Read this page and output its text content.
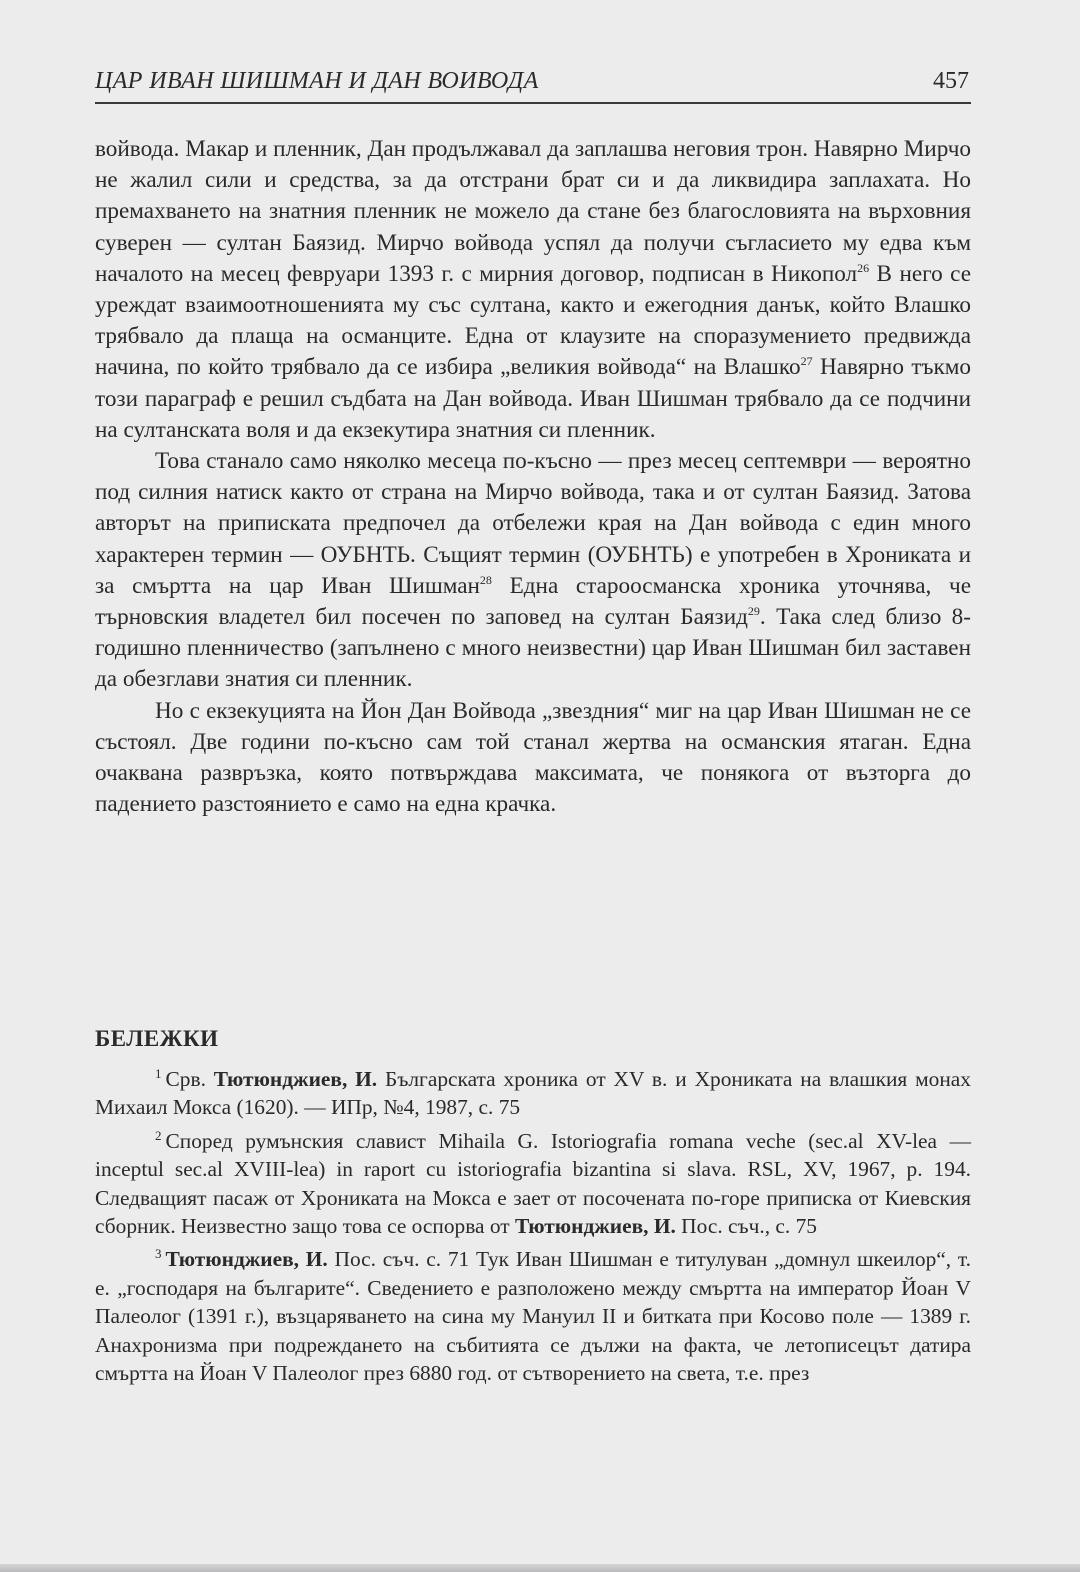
ЦАР ИВАН ШИШМАН И ДАН ВОИВОДА	457

войвода. Макар и пленник, Дан продължавал да заплашва неговия трон. Навярно Мирчо не жалил сили и средства, за да отстрани брат си и да ликвидира заплахата. Но премахването на знатния пленник не можело да стане без благословията на върховния суверен — султан Баязид. Мирчо войвода успял да получи съгласието му едва към началото на месец февруари 1393 г. с мирния договор, подписан в Никопол$^{26}$ В него се уреждат взаимоотношенията му със султана, както и ежегодния данък, който Влашко трябвало да плаща на османците. Една от клаузите на споразумението предвижда начина, по който трябвало да се избира „великия войвода“ на Влашко$^{27}$ Навярно тъкмо този параграф е решил съдбата на Дан войвода. Иван Шишман трябвало да се подчини на султанската воля и да екзекутира знатния си пленник.

Това станало само няколко месеца по-късно — през месец септември — вероятно под силния натиск както от страна на Мирчо войвода, така и от султан Баязид. Затова авторът на приписката предпочел да отбележи края на Дан войвода с един много характерен термин — ОУБНТЬ. Същият термин (ОУБНТЬ) е употребен в Хрониката и за смъртта на цар Иван Шишман$^{28}$ Една староосманска хроника уточнява, че търновския владетел бил посечен по заповед на султан Баязид$^{29}$. Така след близо 8-годишно пленничество (запълнено с много неизвестни) цар Иван Шишман бил заставен да обезглави знатия си пленник.

Но с екзекуцията на Йон Дан Войвода „звездния“ миг на цар Иван Шишман не се състоял. Две години по-късно сам той станал жертва на османския ятаган. Една очаквана развръзка, която потвърждава максимата, че понякога от възторга до падението разстоянието е само на една крачка.

БЕЛЕЖКИ

$^1$ Срв. Тютюнджиев, И. Българската хроника от XV в. и Хрониката на влашкия монах Михаил Мокса (1620). — ИПр, №4, 1987, с. 75

$^2$ Според румънския славист Mihaila G. Istoriografia romana veche (sec.al XV-lea — inceptul sec.al XVIII-lea) in raport cu istoriografia bizantina si slava. RSL, XV, 1967, p. 194. Следващият пасаж от Хрониката на Мокса е зает от посочената по-горе приписка от Киевския сборник. Неизвестно защо това се оспорва от Тютюнджиев, И. Пос. съч., с. 75

$^3$ Тютюнджиев, И. Пос. съч. с. 71 Тук Иван Шишман е титулуван „домнул шкеилор“, т. е. „господаря на българите“. Сведението е разположено между смъртта на император Йоан V Палеолог (1391 г.), възцаряването на сина му Мануил II и битката при Косово поле — 1389 г. Анахронизма при подреждането на събитията се дължи на факта, че летописецът датира смъртта на Йоан V Палеолог през 6880 год. от сътворението на света, т.е. през
